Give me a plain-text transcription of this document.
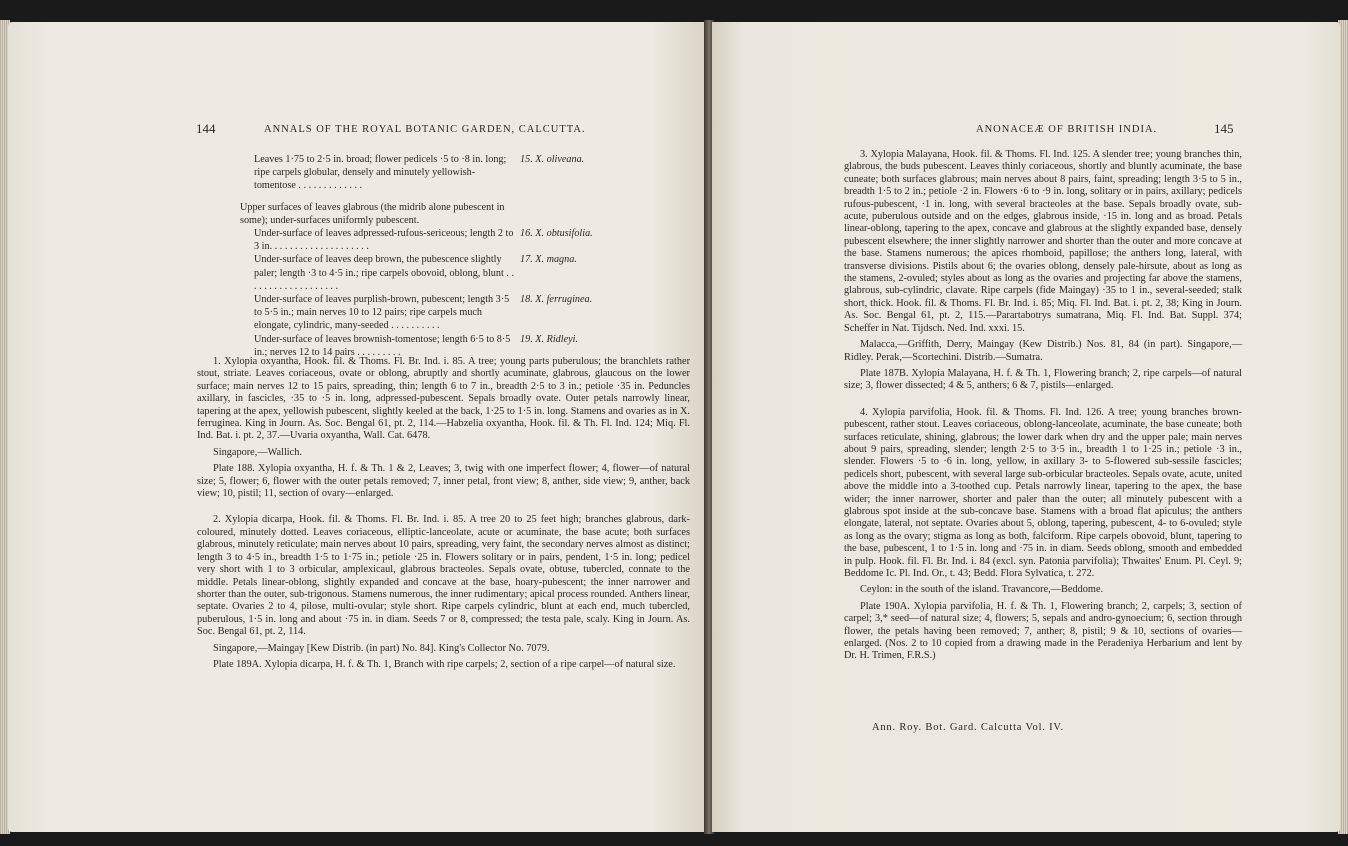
144	ANNALS OF THE ROYAL BOTANIC GARDEN, CALCUTTA.
Leaves 1·75 to 2·5 in. broad; flower pedicels ·5 to ·8 in. long; ripe carpels globular, densely and minutely yellowish-tomentose . . . . . . . . . . . . .
15. X. oliveana.
Upper surfaces of leaves glabrous (the midrib alone pubescent in some); under-surfaces uniformly pubescent.
Under-surface of leaves adpressed-rufous-sericeous; length 2 to 3 in. . . . . . . . . . . . . . . . . . . .
16. X. obtusifolia.
Under-surface of leaves deep brown, the pubescence slightly paler; length ·3 to 4·5 in.; ripe carpels obovoid, oblong, blunt . . . . . . . . . . . . . . . . . . .
17. X. magna.
Under-surface of leaves purplish-brown, pubescent; length 3·5 to 5·5 in.; main nerves 10 to 12 pairs; ripe carpels much elongate, cylindric, many-seeded . . . . . . . . . .
18. X. ferruginea.
Under-surface of leaves brownish-tomentose; length 6·5 to 8·5 in.; nerves 12 to 14 pairs . . . . . . . . .
19. X. Ridleyi.

1. Xylopia oxyantha, Hook. fil. & Thoms. Fl. Br. Ind. i. 85. A tree; young parts puberulous; the branchlets rather stout, striate. Leaves coriaceous, ovate or oblong, abruptly and shortly acuminate, glabrous, glaucous on the lower surface; main nerves 12 to 15 pairs, spreading, thin; length 6 to 7 in., breadth 2·5 to 3 in.; petiole ·35 in. Peduncles axillary, in fascicles, ·35 to ·5 in. long, adpressed-pubescent. Sepals broadly ovate. Outer petals narrowly linear, tapering at the apex, yellowish pubescent, slightly keeled at the back, 1·25 to 1·5 in. long. Stamens and ovaries as in X. ferruginea. King in Journ. As. Soc. Bengal 61, pt. 2, 114.—Habzelia oxyantha, Hook. fil. & Th. Fl. Ind. 124; Miq. Fl. Ind. Bat. i. pt. 2, 37.—Uvaria oxyantha, Wall. Cat. 6478.

Singapore,—Wallich.

Plate 188. Xylopia oxyantha, H. f. & Th. 1 & 2, Leaves; 3, twig with one imperfect flower; 4, flower—of natural size; 5, flower; 6, flower with the outer petals removed; 7, inner petal, front view; 8, anther, side view; 9, anther, back view; 10, pistil; 11, section of ovary—enlarged.

2. Xylopia dicarpa, Hook. fil. & Thoms. Fl. Br. Ind. i. 85. A tree 20 to 25 feet high; branches glabrous, dark-coloured, minutely dotted. Leaves coriaceous, elliptic-lanceolate, acute or acuminate, the base acute; both surfaces glabrous, minutely reticulate; main nerves about 10 pairs, spreading, very faint, the secondary nerves almost as distinct; length 3 to 4·5 in., breadth 1·5 to 1·75 in.; petiole ·25 in. Flowers solitary or in pairs, pendent, 1·5 in. long; pedicel very short with 1 to 3 orbicular, amplexicaul, glabrous bracteoles. Sepals ovate, obtuse, tubercled, connate to the middle. Petals linear-oblong, slightly expanded and concave at the base, hoary-pubescent; the inner narrower and shorter than the outer, sub-trigonous. Stamens numerous, the inner rudimentary; apical process rounded. Anthers linear, septate. Ovaries 2 to 4, pilose, multi-ovular; style short. Ripe carpels cylindric, blunt at each end, much tubercled, puberulous, 1·5 in. long and about ·75 in. in diam. Seeds 7 or 8, compressed; the testa pale, scaly. King in Journ. As. Soc. Bengal 61, pt. 2, 114.

Singapore,—Maingay [Kew Distrib. (in part) No. 84]. King's Collector No. 7079.

Plate 189A. Xylopia dicarpa, H. f. & Th. 1, Branch with ripe carpels; 2, section of a ripe carpel—of natural size.

ANONACEÆ OF BRITISH INDIA.	145

3. Xylopia Malayana, Hook. fil. & Thoms. Fl. Ind. 125. A slender tree; young branches thin, glabrous, the buds pubescent. Leaves thinly coriaceous, shortly and bluntly acuminate, the base cuneate; both surfaces glabrous; main nerves about 8 pairs, faint, spreading; length 3·5 to 5 in., breadth 1·5 to 2 in.; petiole ·2 in. Flowers ·6 to ·9 in. long, solitary or in pairs, axillary; pedicels rufous-pubescent, ·1 in. long, with several bracteoles at the base. Sepals broadly ovate, sub-acute, puberulous outside and on the edges, glabrous inside, ·15 in. long and as broad. Petals linear-oblong, tapering to the apex, concave and glabrous at the slightly expanded base, densely pubescent elsewhere; the inner slightly narrower and shorter than the outer and more concave at the base. Stamens numerous; the apices rhomboid, papillose; the anthers long, lateral, with transverse divisions. Pistils about 6; the ovaries oblong, densely pale-hirsute, about as long as the stamens, 2-ovuled; styles about as long as the ovaries and projecting far above the stamens, glabrous, sub-cylindric, clavate. Ripe carpels (fide Maingay) ·35 to 1 in., several-seeded; stalk short, thick. Hook. fil. & Thoms. Fl. Br. Ind. i. 85; Miq. Fl. Ind. Bat. i. pt. 2, 38; King in Journ. As. Soc. Bengal 61, pt. 2, 115.—Parartabotrys sumatrana, Miq. Fl. Ind. Bat. Suppl. 374; Scheffer in Nat. Tijdsch. Ned. Ind. xxxi. 15.

Malacca,—Griffith, Derry, Maingay (Kew Distrib.) Nos. 81, 84 (in part). Singapore,—Ridley. Perak,—Scortechini. Distrib.—Sumatra.

Plate 187B. Xylopia Malayana, H. f. & Th. 1, Flowering branch; 2, ripe carpels—of natural size; 3, flower dissected; 4 & 5, anthers; 6 & 7, pistils—enlarged.

4. Xylopia parvifolia, Hook. fil. & Thoms. Fl. Ind. 126. A tree; young branches brown-pubescent, rather stout. Leaves coriaceous, oblong-lanceolate, acuminate, the base cuneate; both surfaces reticulate, shining, glabrous; the lower dark when dry and the upper pale; main nerves about 9 pairs, spreading, slender; length 2·5 to 3·5 in., breadth 1 to 1·25 in.; petiole ·3 in., slender. Flowers ·5 to ·6 in. long, yellow, in axillary 3- to 5-flowered sub-sessile fascicles; pedicels short, pubescent, with several large sub-orbicular bracteoles. Sepals ovate, acute, united above the middle into a 3-toothed cup. Petals narrowly linear, tapering to the apex, the base wider; the inner narrower, shorter and paler than the outer; all minutely pubescent with a glabrous spot inside at the sub-concave base. Stamens with a broad flat apiculus; the anthers elongate, lateral, not septate. Ovaries about 5, oblong, tapering, pubescent, 4- to 6-ovuled; style as long as the ovary; stigma as long as both, falciform. Ripe carpels obovoid, blunt, tapering to the base, pubescent, 1 to 1·5 in. long and ·75 in. in diam. Seeds oblong, smooth and embedded in pulp. Hook. fil. Fl. Br. Ind. i. 84 (excl. syn. Patonia parvifolia); Thwaites' Enum. Pl. Ceyl. 9; Beddome Ic. Pl. Ind. Or., t. 43; Bedd. Flora Sylvatica, t. 272.

Ceylon: in the south of the island. Travancore,—Beddome.

Plate 190A. Xylopia parvifolia, H. f. & Th. 1, Flowering branch; 2, carpels; 3, section of carpel; 3,* seed—of natural size; 4, flowers; 5, sepals and andro-gynoecium; 6, section through flower, the petals having been removed; 7, anther; 8, pistil; 9 & 10, sections of ovaries—enlarged. (Nos. 2 to 10 copied from a drawing made in the Peradeniya Herbarium and lent by Dr. H. Trimen, F.R.S.)

Ann. Roy. Bot. Gard. Calcutta Vol. IV.
